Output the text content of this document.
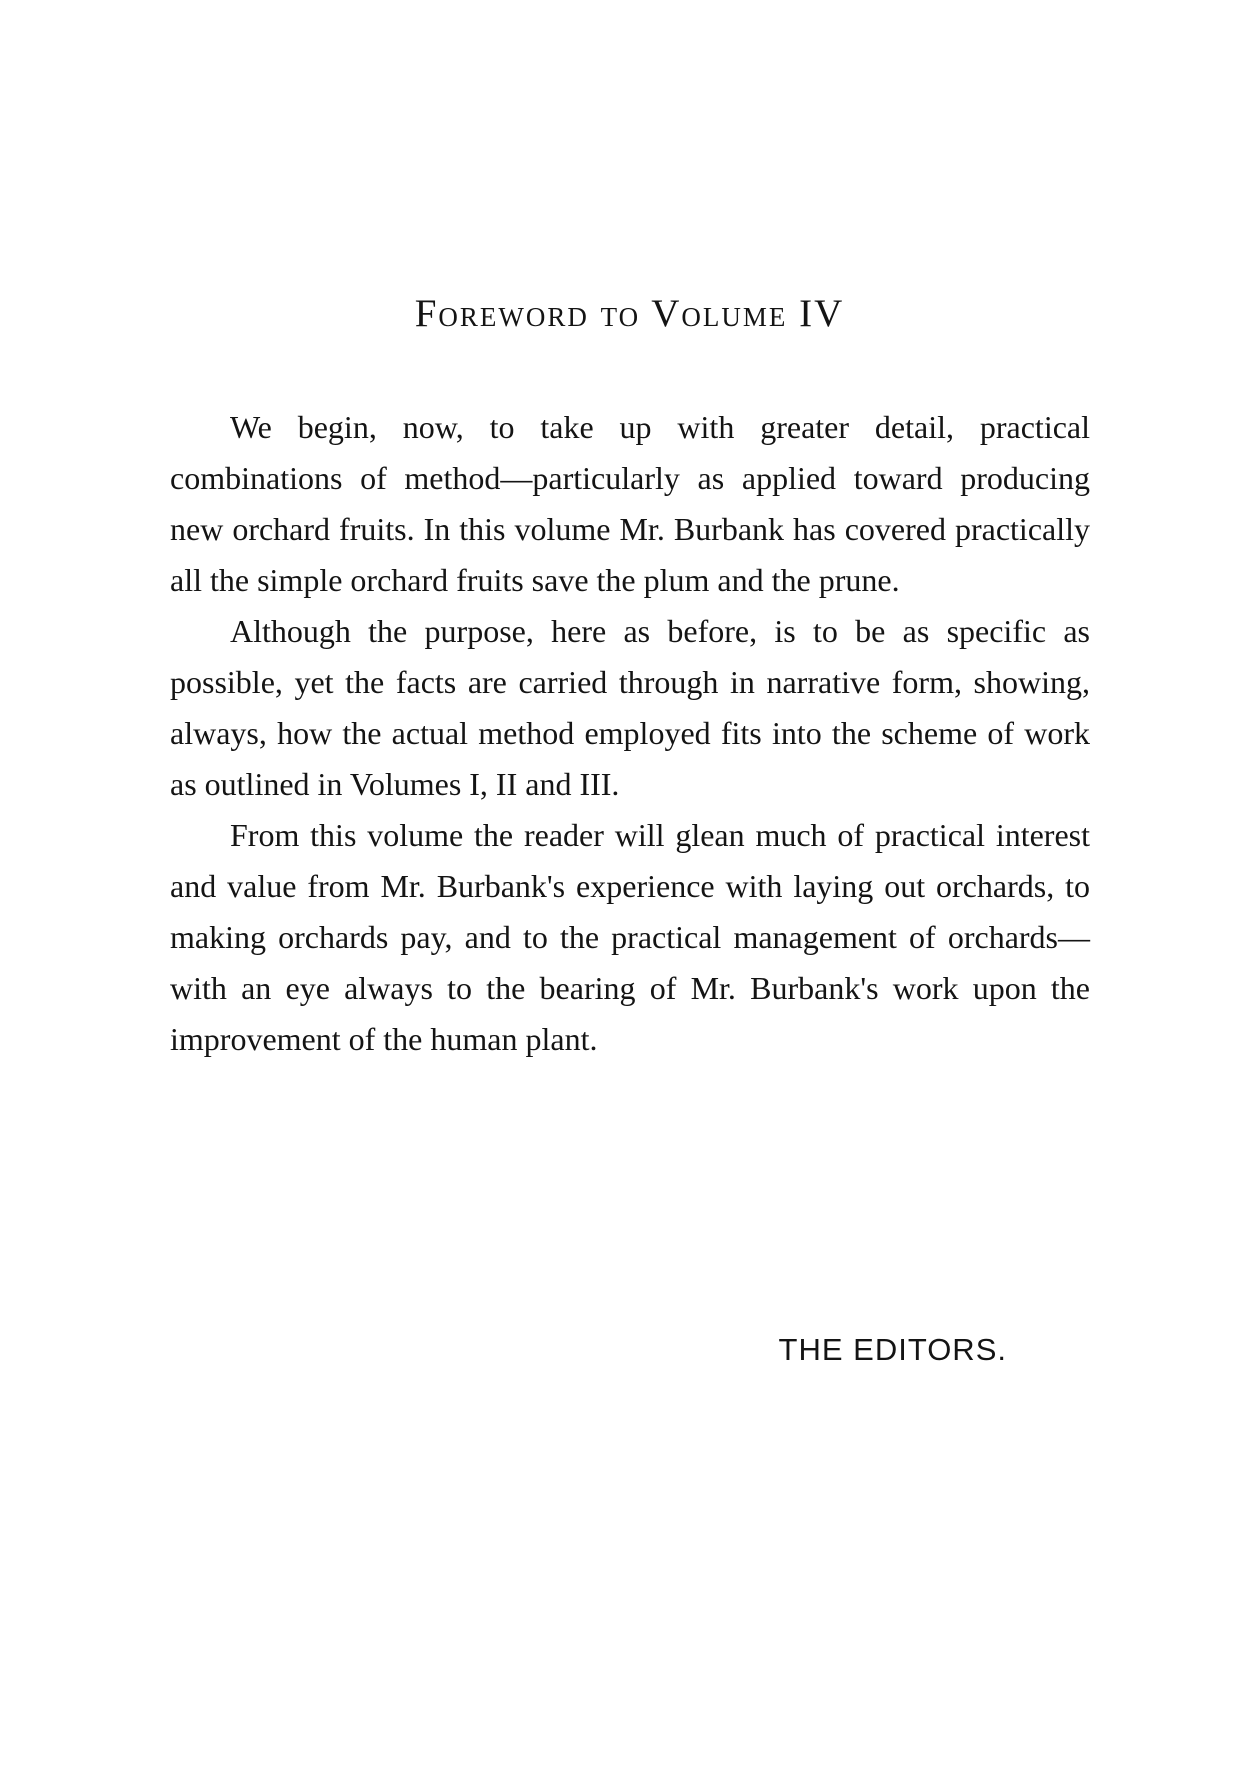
Foreword to Volume IV

We begin, now, to take up with greater detail, practical combinations of method—particularly as applied toward producing new orchard fruits. In this volume Mr. Burbank has covered practically all the simple orchard fruits save the plum and the prune.

Although the purpose, here as before, is to be as specific as possible, yet the facts are carried through in narrative form, showing, always, how the actual method employed fits into the scheme of work as outlined in Volumes I, II and III.

From this volume the reader will glean much of practical interest and value from Mr. Burbank's experience with laying out orchards, to making orchards pay, and to the practical management of orchards—with an eye always to the bearing of Mr. Burbank's work upon the improvement of the human plant.

THE EDITORS.
